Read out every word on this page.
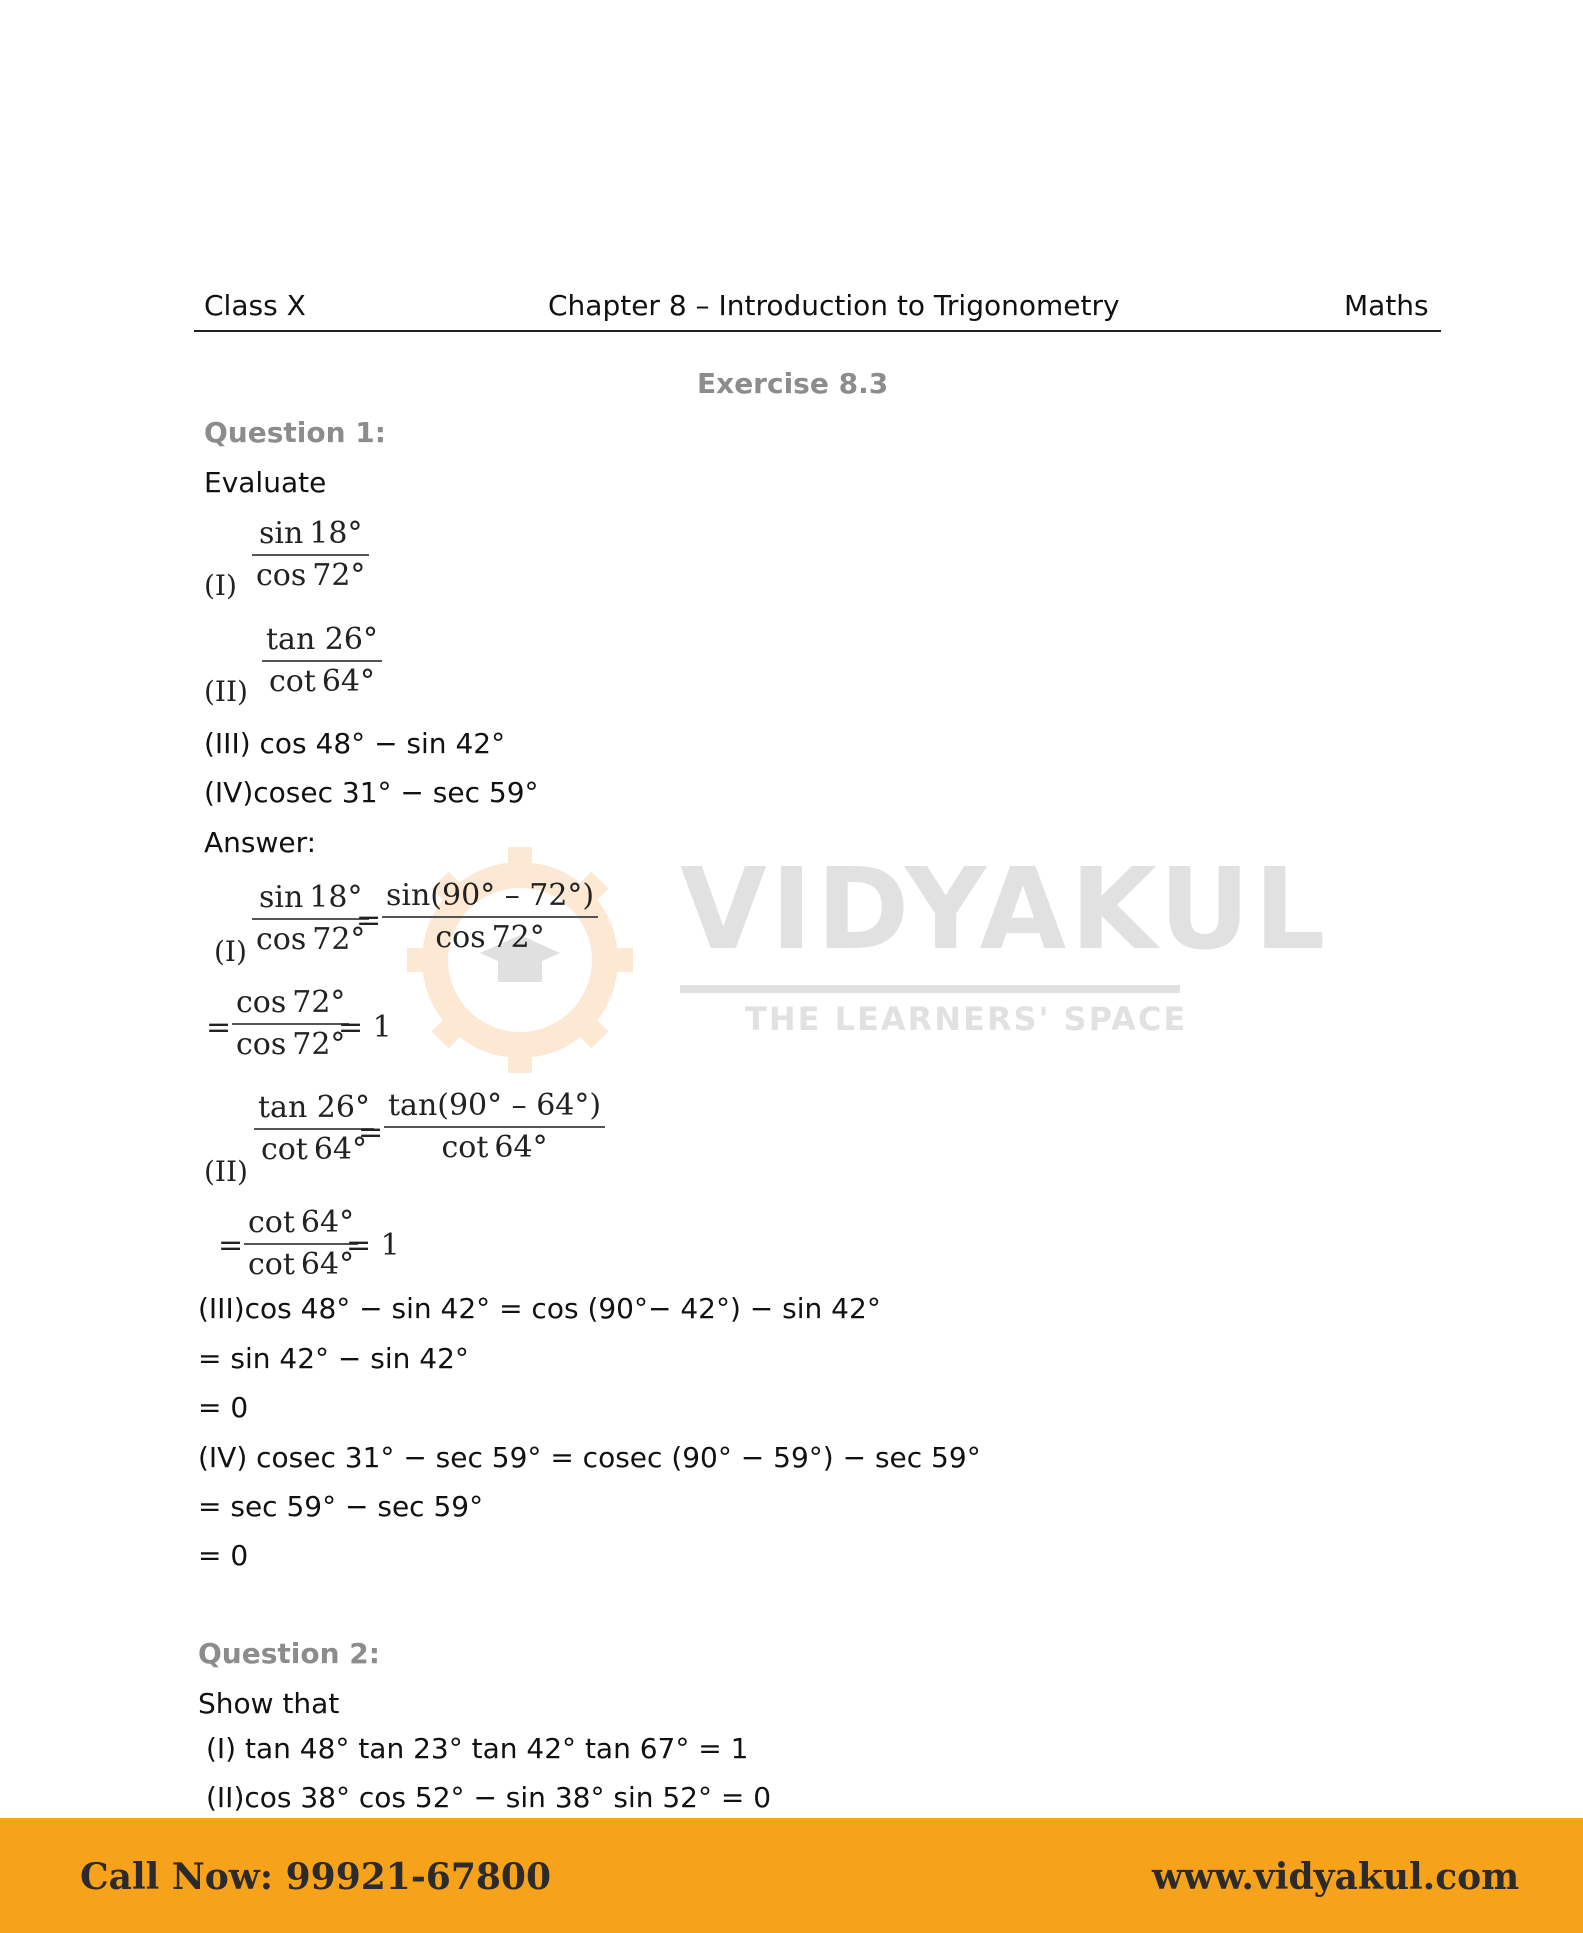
Class X	Chapter 8 – Introduction to Trigonometry	Maths
VIDYAKUL
THE LEARNERS' SPACE
Exercise 8.3
Question 1:
Evaluate
$(I) \frac{\sin 18^\circ}{\cos 72^\circ}$
$(II) \frac{\tan 26^\circ}{\cot 64^\circ}$
(III) cos 48° − sin 42°
(IV)cosec 31° − sec 59°
Answer:
$(I) \frac{\sin 18^\circ}{\cos 72^\circ}$
= $\frac{\sin(90^\circ - 72^\circ)}{\cos 72^\circ}$
= $\frac{\cos 72^\circ}{\cos 72^\circ}$
= 1
(II)
$\frac{\tan 26^\circ}{\cot 64^\circ}$
= $\frac{\tan(90^\circ - 64^\circ)}{\cot 64^\circ}$
= $\frac{\cot 64^\circ}{\cot 64^\circ}$
= 1
(III)cos 48° − sin 42° = cos (90°− 42°) − sin 42°
= sin 42° − sin 42°
= 0
(IV) cosec 31° − sec 59° = cosec (90° − 59°) − sec 59°
= sec 59° − sec 59°
= 0
Question 2:
Show that
(I) tan 48° tan 23° tan 42° tan 67° = 1
(II)cos 38° cos 52° − sin 38° sin 52° = 0
Call Now: 99921-67800	www.vidyakul.com
